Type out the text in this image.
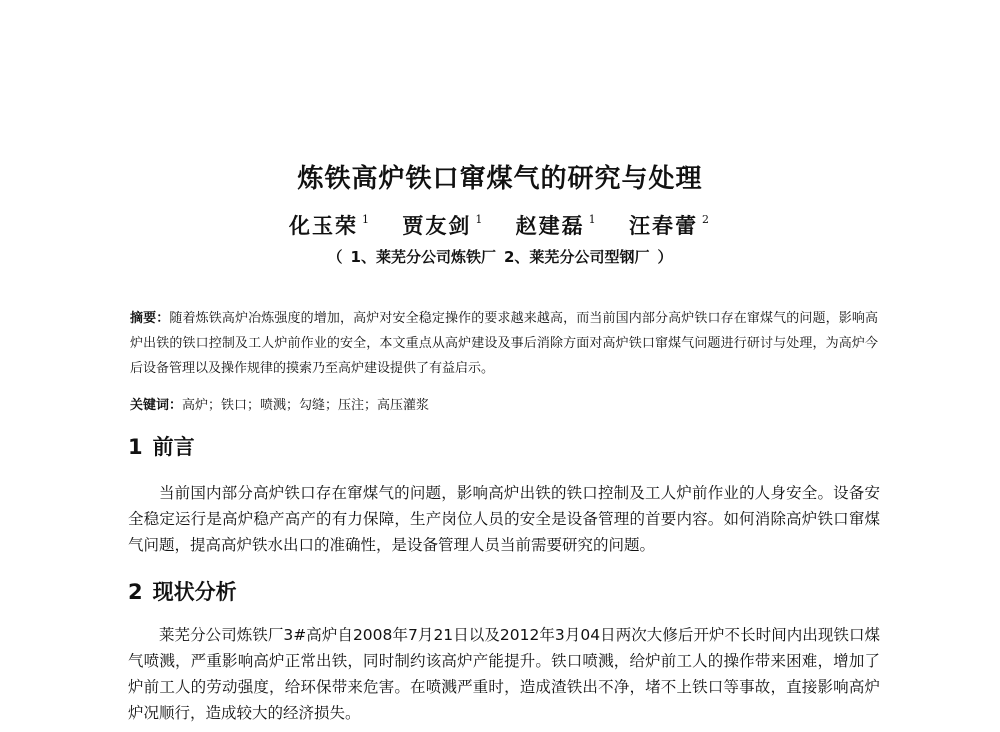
炼铁高炉铁口窜煤气的研究与处理
化玉荣 $^1$ 贾友剑 $^1$ 赵建磊 $^1$ 汪春蕾 $^2$
（ 1、莱芜分公司炼铁厂 2、莱芜分公司型钢厂 ）
摘要：随着炼铁高炉冶炼强度的增加，高炉对安全稳定操作的要求越来越高，而当前国内部分高炉铁口存在窜煤气的问题，影响高炉出铁的铁口控制及工人炉前作业的安全，本文重点从高炉建设及事后消除方面对高炉铁口窜煤气问题进行研讨与处理，为高炉今后设备管理以及操作规律的摸索乃至高炉建设提供了有益启示。
关键词：高炉；铁口；喷溅；勾缝；压注；高压灌浆
1 前言
当前国内部分高炉铁口存在窜煤气的问题，影响高炉出铁的铁口控制及工人炉前作业的人身安全。设备安全稳定运行是高炉稳产高产的有力保障，生产岗位人员的安全是设备管理的首要内容。如何消除高炉铁口窜煤气问题，提高高炉铁水出口的准确性，是设备管理人员当前需要研究的问题。
2 现状分析
莱芜分公司炼铁厂3#高炉自2008年7月21日以及2012年3月04日两次大修后开炉不长时间内出现铁口煤气喷溅，严重影响高炉正常出铁，同时制约该高炉产能提升。铁口喷溅，给炉前工人的操作带来困难，增加了炉前工人的劳动强度，给环保带来危害。在喷溅严重时，造成渣铁出不净，堵不上铁口等事故，直接影响高炉炉况顺行，造成较大的经济损失。
